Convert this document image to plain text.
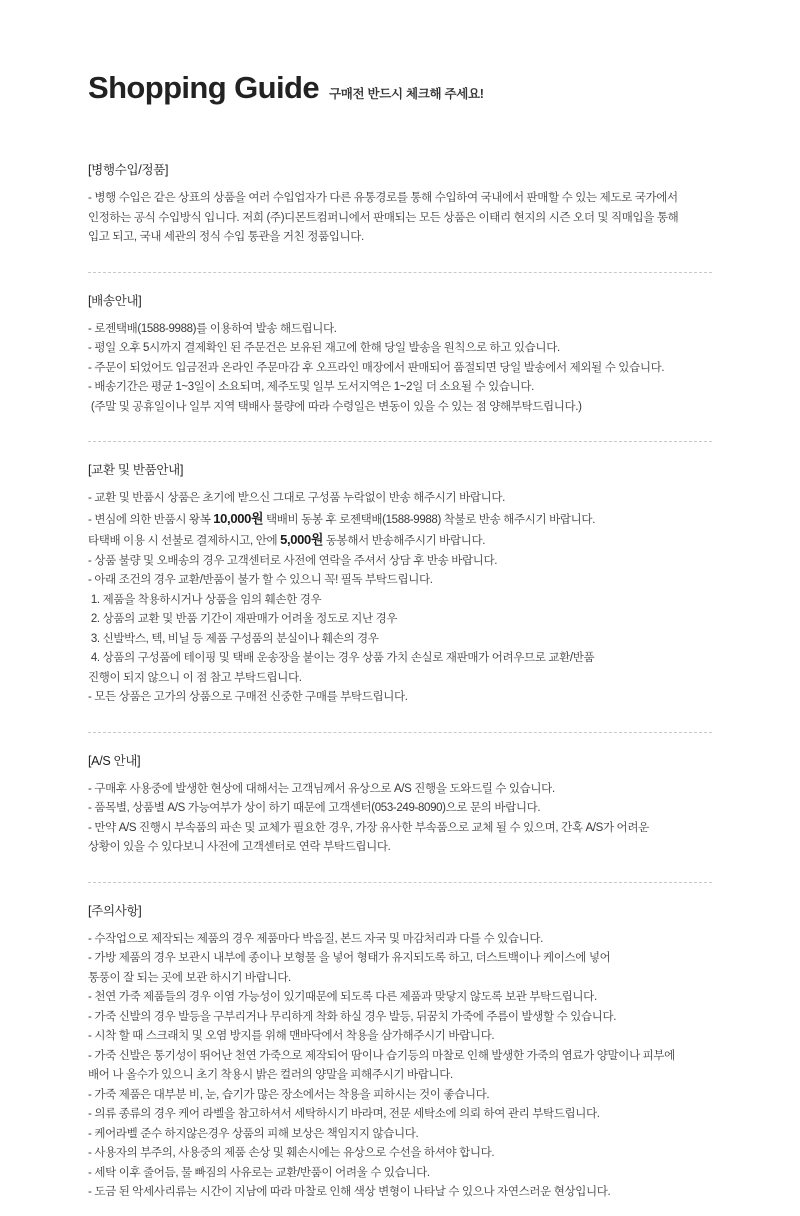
Shopping Guide 구매전 반드시 체크해 주세요!
[병행수입/정품]
- 병행 수입은 같은 상표의 상품을 여러 수입업자가 다른 유통경로를 통해 수입하여 국내에서 판매할 수 있는 제도로 국가에서
인정하는 공식 수입방식 입니다. 저희 (주)디몬트컴퍼니에서 판매되는 모든 상품은 이태리 현지의 시즌 오더 및 직매입을 통해
입고 되고, 국내 세관의 정식 수입 통관을 거친 정품입니다.
[배송안내]
- 로젠택배(1588-9988)를 이용하여 발송 해드립니다.
- 평일 오후 5시까지 결제확인 된 주문건은 보유된 재고에 한해 당일 발송을 원칙으로 하고 있습니다.
- 주문이 되었어도 입금전과 온라인 주문마감 후 오프라인 매장에서 판매되어 품절되면 당일 발송에서 제외될 수 있습니다.
- 배송기간은 평균 1~3일이 소요되며, 제주도및 일부 도서지역은 1~2일 더 소요될 수 있습니다.
(주말 및 공휴일이나 일부 지역 택배사 물량에 따라 수령일은 변동이 있을 수 있는 점 양해부탁드립니다.)
[교환 및 반품안내]
- 교환 및 반품시 상품은 초기에 받으신 그대로 구성품 누락없이 반송 해주시기 바랍니다.
- 변심에 의한 반품시 왕복 10,000원 택배비 동봉 후 로젠택배(1588-9988) 착불로 반송 해주시기 바랍니다.
타택배 이용 시 선불로 결제하시고, 안에 5,000원 동봉해서 반송해주시기 바랍니다.
- 상품 불량 및 오배송의 경우 고객센터로 사전에 연락을 주셔서 상담 후 반송 바랍니다.
- 아래 조건의 경우 교환/반품이 불가 할 수 있으니 꼭! 필독 부탁드립니다.
1. 제품을 착용하시거나 상품을 임의 훼손한 경우
2. 상품의 교환 및 반품 기간이 재판매가 어려울 정도로 지난 경우
3. 신발박스, 텍, 비닐 등 제품 구성품의 분실이나 훼손의 경우
4. 상품의 구성품에 테이핑 및 택배 운송장을 붙이는 경우 상품 가치 손실로 재판매가 어려우므로 교환/반품
진행이 되지 않으니 이 점 참고 부탁드립니다.
- 모든 상품은 고가의 상품으로 구매전 신중한 구매를 부탁드립니다.
[A/S 안내]
- 구매후 사용중에 발생한 현상에 대해서는 고객님께서 유상으로 A/S 진행을 도와드릴 수 있습니다.
- 품목별, 상품별 A/S 가능여부가 상이 하기 때문에 고객센터(053-249-8090)으로 문의 바랍니다.
- 만약 A/S 진행시 부속품의 파손 및 교체가 필요한 경우, 가장 유사한 부속품으로 교체 될 수 있으며, 간혹 A/S가 어려운
상황이 있을 수 있다보니 사전에 고객센터로 연락 부탁드립니다.
[주의사항]
- 수작업으로 제작되는 제품의 경우 제품마다 박음질, 본드 자국 및 마감처리과 다를 수 있습니다.
- 가방 제품의 경우 보관시 내부에 종이나 보형물 을 넣어 형태가 유지되도록 하고, 더스트백이나 케이스에 넣어
통풍이 잘 되는 곳에 보관 하시기 바랍니다.
- 천연 가죽 제품들의 경우 이염 가능성이 있기때문에 되도록 다른 제품과 맞닿지 않도록 보관 부탁드립니다.
- 가죽 신발의 경우 발등을 구부리거나 무리하게 착화 하실 경우 발등, 뒤꿈치 가죽에 주름이 발생할 수 있습니다.
- 시착 할 때 스크래치 및 오염 방지를 위해 맨바닥에서 착용을 삼가해주시기 바랍니다.
- 가죽 신발은 통기성이 뛰어난 천연 가죽으로 제작되어 땀이나 습기등의 마찰로 인해 발생한 가죽의 염료가 양말이나 피부에
배어 나 올수가 있으니 초기 착용시 밝은 컬러의 양말을 피해주시기 바랍니다.
- 가죽 제품은 대부분 비, 눈, 습기가 많은 장소에서는 착용을 피하시는 것이 좋습니다.
- 의류 종류의 경우 케어 라벨을 참고하셔서 세탁하시기 바라며, 전문 세탁소에 의뢰 하여 관리 부탁드립니다.
- 케어라벨 준수 하지않은경우 상품의 피해 보상은 책임지지 않습니다.
- 사용자의 부주의, 사용중의 제품 손상 및 훼손시에는 유상으로 수선을 하셔야 합니다.
- 세탁 이후 줄어듬, 물 빠짐의 사유로는 교환/반품이 어려울 수 있습니다.
- 도금 된 악세사리류는 시간이 지남에 따라 마찰로 인해 색상 변형이 나타날 수 있으나 자연스러운 현상입니다.
